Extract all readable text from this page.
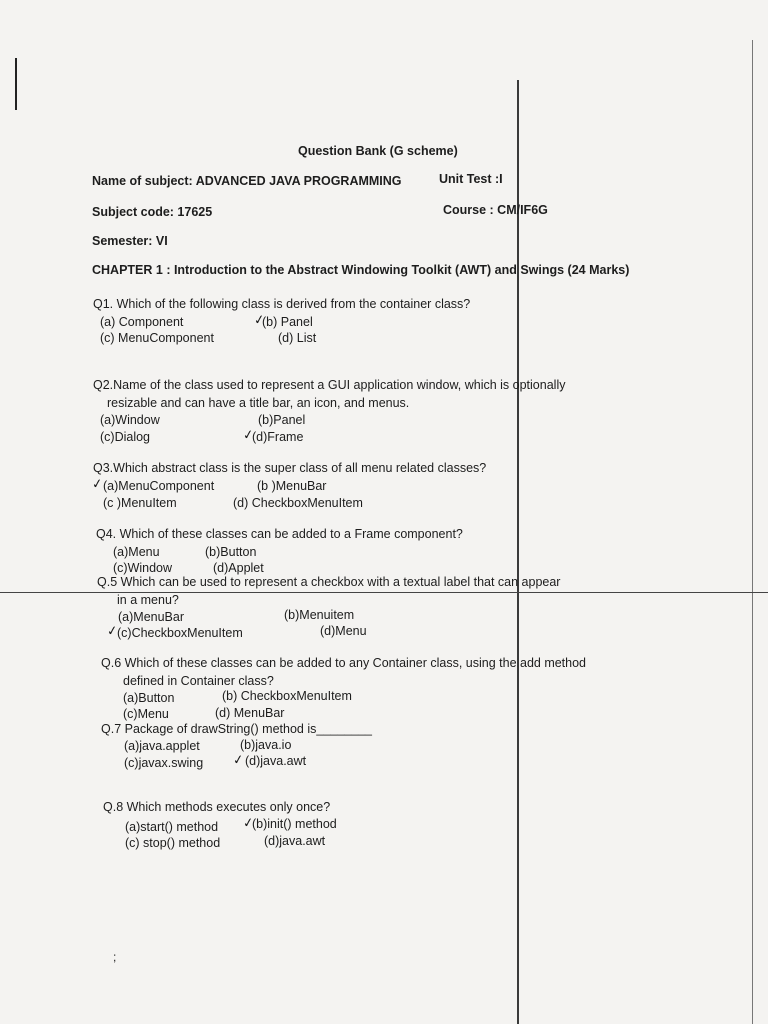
Question Bank (G scheme)
Name of subject: ADVANCED JAVA PROGRAMMING	Unit Test :I
Subject code: 17625	Course : CM/IF6G
Semester: VI
CHAPTER 1 : Introduction to the Abstract Windowing Toolkit (AWT) and Swings (24 Marks)
Q1. Which of the following class is derived from the container class?
(a) Component	(b) Panel
(c) MenuComponent	(d) List
✓
Q2.Name of the class used to represent a GUI application window, which is optionally
resizable and can have a title bar, an icon, and menus.
(a)Window	(b)Panel
(c)Dialog	(d)Frame
✓
Q3.Which abstract class is the super class of all menu related classes?
(a)MenuComponent	(b )MenuBar
(c )MenuItem	(d) CheckboxMenuItem
✓
Q4. Which of these classes can be added to a Frame component?
(a)Menu	(b)Button
(c)Window	(d)Applet
Q.5 Which can be used to represent a checkbox with a textual label that can appear
in a menu?
(a)MenuBar	(b)Menuitem
(c)CheckboxMenuItem	(d)Menu
✓
Q.6 Which of these classes can be added to any Container class, using the add method
defined in Container class?
(a)Button	(b) CheckboxMenuItem
(c)Menu	(d) MenuBar
Q.7 Package of drawString() method is________
(a)java.applet	(b)java.io
(c)javax.swing	(d)java.awt
✓
Q.8 Which methods executes only once?
(a)start() method	(b)init() method
(c) stop() method	(d)java.awt
✓
;
